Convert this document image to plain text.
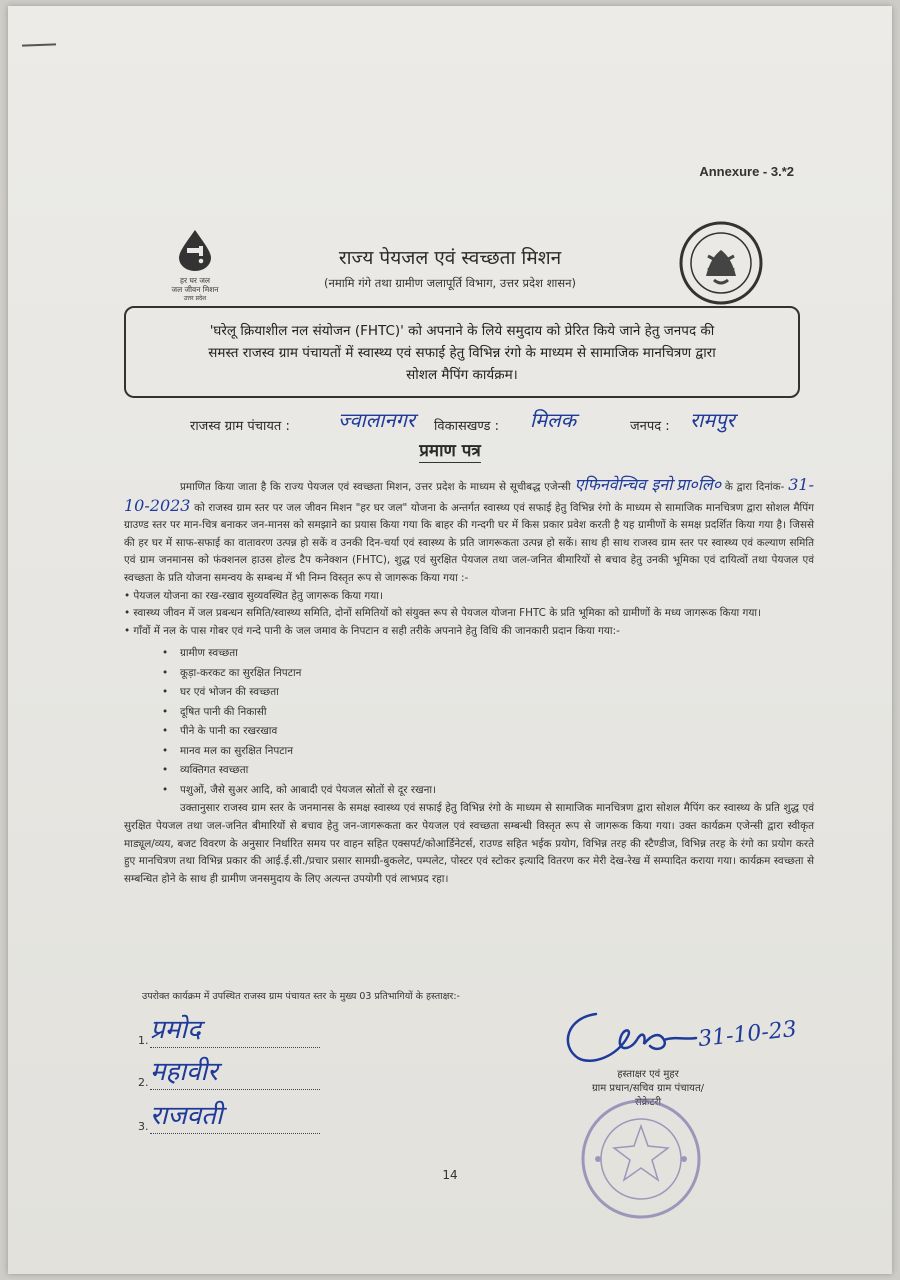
Annexure - 3.*2
हर घर जल
जल जीवन मिशन
उत्तर प्रदेश
राज्य पेयजल एवं स्वच्छता मिशन
(नमामि गंगे तथा ग्रामीण जलापूर्ति विभाग, उत्तर प्रदेश शासन)
'घरेलू क्रियाशील नल संयोजन (FHTC)' को अपनाने के लिये समुदाय को प्रेरित किये जाने हेतु जनपद की
समस्त राजस्व ग्राम पंचायतों में स्वास्थ्य एवं सफाई हेतु विभिन्न रंगो के माध्यम से सामाजिक मानचित्रण द्वारा
सोशल मैपिंग कार्यक्रम।
राजस्व ग्राम पंचायत : ज्वालानगर विकासखण्ड : मिलक	जनपद : रामपुर
प्रमाण पत्र

प्रमाणित किया जाता है कि राज्य पेयजल एवं स्वच्छता मिशन, उत्तर प्रदेश के माध्यम से सूचीबद्ध एजेन्सी एफिनवेन्चिव इनो प्रा०लि० के द्वारा दिनांक- 31-10-2023 को राजस्व ग्राम स्तर पर जल जीवन मिशन "हर घर जल" योजना के अन्तर्गत स्वास्थ्य एवं सफाई हेतु विभिन्न रंगो के माध्यम से सामाजिक मानचित्रण द्वारा सोशल मैपिंग ग्राउण्ड स्तर पर मान-चित्र बनाकर जन-मानस को समझाने का प्रयास किया गया कि बाहर की गन्दगी घर में किस प्रकार प्रवेश करती है यह ग्रामीणों के समक्ष प्रदर्शित किया गया है। जिससे की हर घर में साफ-सफाई का वातावरण उत्पन्न हो सकें व उनकी दिन-चर्या एवं स्वास्थ्य के प्रति जागरूकता उत्पन्न हो सकें। साथ ही साथ राजस्व ग्राम स्तर पर स्वास्थ्य एवं कल्याण समिति एवं ग्राम जनमानस को फंक्शनल हाउस होल्ड टैप कनेक्शन (FHTC), शुद्ध एवं सुरक्षित पेयजल तथा जल-जनित बीमारियों से बचाव हेतु उनकी भूमिका एवं दायित्वों तथा पेयजल एवं स्वच्छता के प्रति योजना समन्वय के सम्बन्ध में भी निम्न विस्तृत रूप से जागरूक किया गया :-

• पेयजल योजना का रख-रखाव सुव्यवस्थित हेतु जागरूक किया गया।

• स्वास्थ्य जीवन में जल प्रबन्धन समिति/स्वास्थ्य समिति, दोनों समितियों को संयुक्त रूप से पेयजल योजना FHTC के प्रति भूमिका को ग्रामीणों के मध्य जागरूक किया गया।

• गाँवों में नल के पास गोबर एवं गन्दे पानी के जल जमाव के निपटान व सही तरीके अपनाने हेतु विधि की जानकारी प्रदान किया गया:-

• ग्रामीण स्वच्छता
• कूड़ा-करकट का सुरक्षित निपटान
• घर एवं भोजन की स्वच्छता
• दूषित पानी की निकासी
• पीने के पानी का रखरखाव
• मानव मल का सुरक्षित निपटान
• व्यक्तिगत स्वच्छता
• पशुओं, जैसे सुअर आदि, को आबादी एवं पेयजल स्रोतों से दूर रखना।

उक्तानुसार राजस्व ग्राम स्तर के जनमानस के समक्ष स्वास्थ्य एवं सफाई हेतु विभिन्न रंगो के माध्यम से सामाजिक मानचित्रण द्वारा सोशल मैपिंग कर स्वास्थ्य के प्रति शुद्ध एवं सुरक्षित पेयजल तथा जल-जनित बीमारियों से बचाव हेतु जन-जागरूकता कर पेयजल एवं स्वच्छता सम्बन्धी विस्तृत रूप से जागरूक किया गया। उक्त कार्यक्रम एजेन्सी द्वारा स्वीकृत माड्यूल/व्यय, बजट विवरण के अनुसार निर्धारित समय पर वाहन सहित एक्सपर्ट/कोआर्डिनेटर्स, राउण्ड सहित भईक प्रयोग, विभिन्न तरह की स्टैण्डीज, विभिन्न तरह के रंगो का प्रयोग करते हुए मानचित्रण तथा विभिन्न प्रकार की आई.ई.सी./प्रचार प्रसार सामग्री-बुकलेट, पम्पलेट, पोस्टर एवं स्टोकर इत्यादि वितरण कर मेरी देख-रेख में सम्पादित कराया गया। कार्यक्रम स्वच्छता से सम्बन्धित होने के साथ ही ग्रामीण जनसमुदाय के लिए अत्यन्त उपयोगी एवं लाभप्रद रहा।

उपरोक्त कार्यक्रम में उपस्थित राजस्व ग्राम पंचायत स्तर के मुख्य 03 प्रतिभागियों के हस्ताक्षर:-
1. प्रमोद
2. महावीर
3. राजवती
31-10-23
हस्ताक्षर एवं मुहर
ग्राम प्रधान/सचिव ग्राम पंचायत/
सेक्रेटरी
14
